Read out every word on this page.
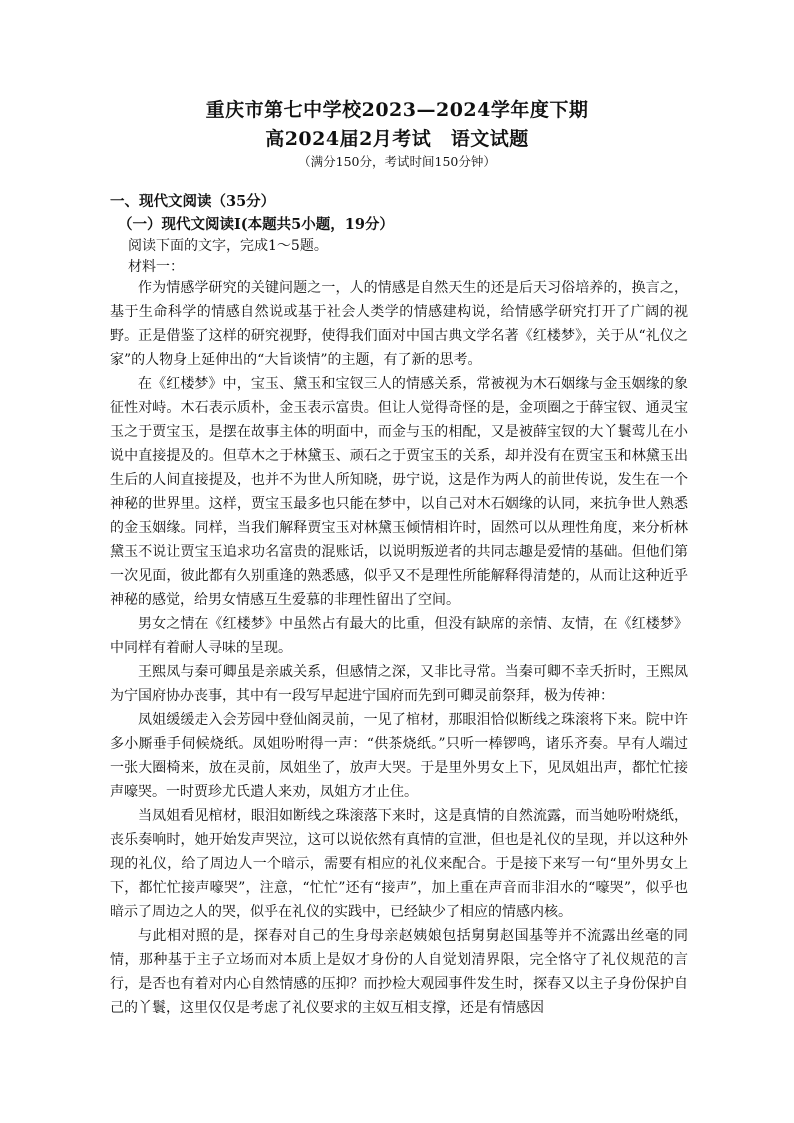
重庆市第七中学校2023—2024学年度下期
高2024届2月考试　语文试题
（满分150分，考试时间150分钟）
一、现代文阅读（35分）
（一）现代文阅读Ⅰ(本题共5小题，19分）
阅读下面的文字，完成1～5题。
材料一：

作为情感学研究的关键问题之一，人的情感是自然天生的还是后天习俗培养的，换言之，基于生命科学的情感自然说或基于社会人类学的情感建构说，给情感学研究打开了广阔的视野。正是借鉴了这样的研究视野，使得我们面对中国古典文学名著《红楼梦》，关于从“礼仪之家”的人物身上延伸出的“大旨谈情”的主题，有了新的思考。

在《红楼梦》中，宝玉、黛玉和宝钗三人的情感关系，常被视为木石姻缘与金玉姻缘的象征性对峙。木石表示质朴，金玉表示富贵。但让人觉得奇怪的是，金项圈之于薛宝钗、通灵宝玉之于贾宝玉，是摆在故事主体的明面中，而金与玉的相配，又是被薛宝钗的大丫鬟莺儿在小说中直接提及的。但草木之于林黛玉、顽石之于贾宝玉的关系，却并没有在贾宝玉和林黛玉出生后的人间直接提及，也并不为世人所知晓，毋宁说，这是作为两人的前世传说，发生在一个神秘的世界里。这样，贾宝玉最多也只能在梦中，以自己对木石姻缘的认同，来抗争世人熟悉的金玉姻缘。同样，当我们解释贾宝玉对林黛玉倾情相许时，固然可以从理性角度，来分析林黛玉不说让贾宝玉追求功名富贵的混账话，以说明叛逆者的共同志趣是爱情的基础。但他们第一次见面，彼此都有久别重逢的熟悉感，似乎又不是理性所能解释得清楚的，从而让这种近乎神秘的感觉，给男女情感互生爱慕的非理性留出了空间。

男女之情在《红楼梦》中虽然占有最大的比重，但没有缺席的亲情、友情，在《红楼梦》中同样有着耐人寻味的呈现。

王熙凤与秦可卿虽是亲戚关系，但感情之深，又非比寻常。当秦可卿不幸夭折时，王熙凤为宁国府协办丧事，其中有一段写早起进宁国府而先到可卿灵前祭拜，极为传神：

凤姐缓缓走入会芳园中登仙阁灵前，一见了棺材，那眼泪恰似断线之珠滚将下来。院中许多小厮垂手伺候烧纸。凤姐吩咐得一声：“供茶烧纸。”只听一棒锣鸣，诸乐齐奏。早有人端过一张大圈椅来，放在灵前，凤姐坐了，放声大哭。于是里外男女上下，见凤姐出声，都忙忙接声嚎哭。一时贾珍尤氏遣人来劝，凤姐方才止住。

当凤姐看见棺材，眼泪如断线之珠滚落下来时，这是真情的自然流露，而当她吩咐烧纸，丧乐奏响时，她开始发声哭泣，这可以说依然有真情的宣泄，但也是礼仪的呈现，并以这种外现的礼仪，给了周边人一个暗示，需要有相应的礼仪来配合。于是接下来写一句“里外男女上下，都忙忙接声嚎哭”，注意，“忙忙”还有“接声”，加上重在声音而非泪水的“嚎哭”，似乎也暗示了周边之人的哭，似乎在礼仪的实践中，已经缺少了相应的情感内核。

与此相对照的是，探春对自己的生身母亲赵姨娘包括舅舅赵国基等并不流露出丝毫的同情，那种基于主子立场而对本质上是奴才身份的人自觉划清界限，完全恪守了礼仪规范的言行，是否也有着对内心自然情感的压抑？而抄检大观园事件发生时，探春又以主子身份保护自己的丫鬟，这里仅仅是考虑了礼仪要求的主奴互相支撑，还是有情感因
